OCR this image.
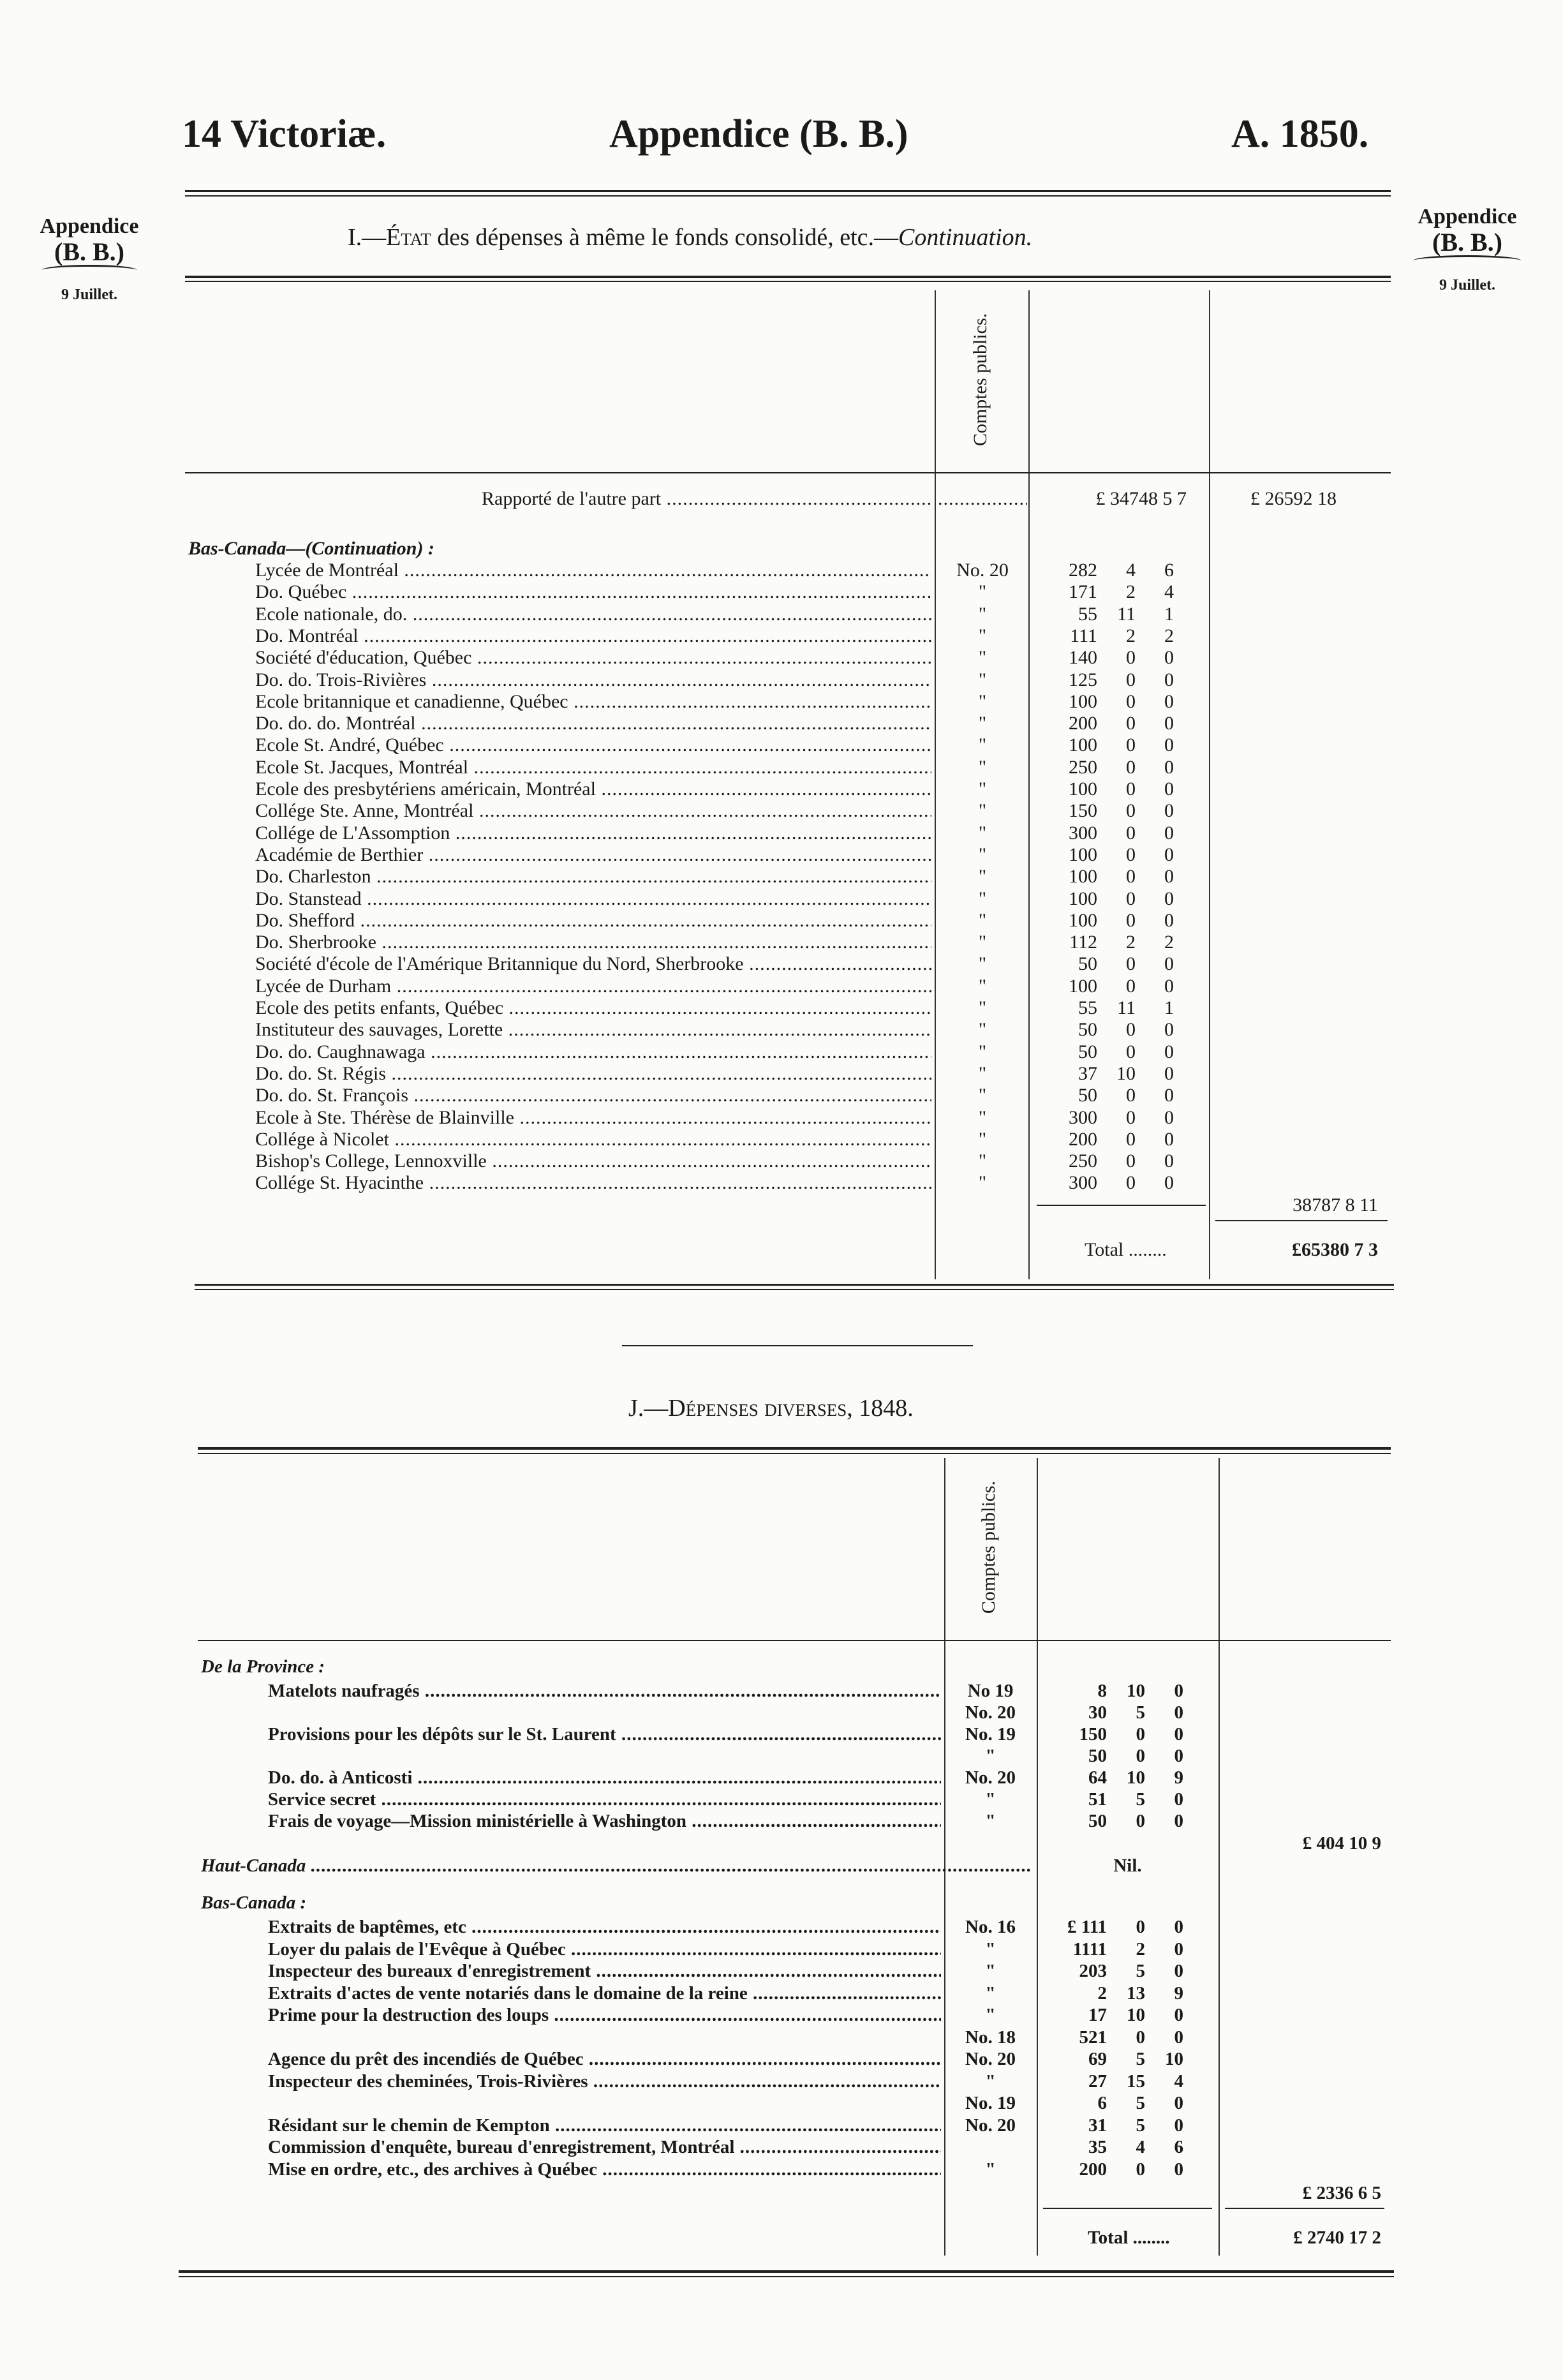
14 Victoriæ.	Appendice (B. B.)	A. 1850.
Appendice
(B. B.)
9 Juillet.
Appendice
(B. B.)
9 Juillet.
I.—État des dépenses à même le fonds consolidé, etc.—Continuation.
Comptes publics.
Rapporté de l'autre part .....
.....	£ 34748 5 7	£ 26592 18
Bas-Canada—(Continuation) :
Lycée de Montréal .....	No. 20	282	4	6
Do. Québec .....	"	171	2	4
Ecole nationale, do. .....	"	55	11	1
Do. Montréal .....	"	111	2	2
Société d'éducation, Québec .....	"	140	0	0
Do. do. Trois-Rivières .....	"	125	0	0
Ecole britannique et canadienne, Québec .....	"	100	0	0
Do. do. do. Montréal .....	"	200	0	0
Ecole St. André, Québec .....	"	100	0	0
Ecole St. Jacques, Montréal .....	"	250	0	0
Ecole des presbytériens américain, Montréal .....	"	100	0	0
Collége Ste. Anne, Montréal .....	"	150	0	0
Collége de L'Assomption .....	"	300	0	0
Académie de Berthier .....	"	100	0	0
Do. Charleston .....	"	100	0	0
Do. Stanstead .....	"	100	0	0
Do. Shefford .....	"	100	0	0
Do. Sherbrooke .....	"	112	2	2
Société d'école de l'Amérique Britannique du Nord, Sherbrooke .....	"	50	0	0
Lycée de Durham .....	"	100	0	0
Ecole des petits enfants, Québec .....	"	55	11	1
Instituteur des sauvages, Lorette .....	"	50	0	0
Do. do. Caughnawaga .....	"	50	0	0
Do. do. St. Régis .....	"	37	10	0
Do. do. St. François .....	"	50	0	0
Ecole à Ste. Thérèse de Blainville .....	"	300	0	0
Collége à Nicolet .....	"	200	0	0
Bishop's College, Lennoxville .....	"	250	0	0
Collége St. Hyacinthe .....	"	300	0	0
38787 8 11
Total ........	£65380 7 3
J.—Dépenses diverses, 1848.
Comptes publics.
De la Province :
Matelots naufragés .....	No 19	8	10	0
No. 20	30	5	0
Provisions pour les dépôts sur le St. Laurent .....	No. 19	150	0	0
"	50	0	0
Do. do. à Anticosti .....	No. 20	64	10	9
Service secret .....	"	51	5	0
Frais de voyage—Mission ministérielle à Washington .....	"	50	0	0
£ 404 10 9
Haut-Canada .....	Nil.
Bas-Canada :
Extraits de baptêmes, etc .....	No. 16	£ 111	0	0
Loyer du palais de l'Evêque à Québec .....	"	1111	2	0
Inspecteur des bureaux d'enregistrement .....	"	203	5	0
Extraits d'actes de vente notariés dans le domaine de la reine .....	"	2	13	9
Prime pour la destruction des loups .....	"	17	10	0
No. 18	521	0	0
Agence du prêt des incendiés de Québec .....	No. 20	69	5	10
Inspecteur des cheminées, Trois-Rivières .....	"	27	15	4
No. 19	6	5	0
Résidant sur le chemin de Kempton .....	No. 20	31	5	0
Commission d'enquête, bureau d'enregistrement, Montréal .....	35	4	6
Mise en ordre, etc., des archives à Québec .....	"	200	0	0
£ 2336 6 5
Total ........	£ 2740 17 2
